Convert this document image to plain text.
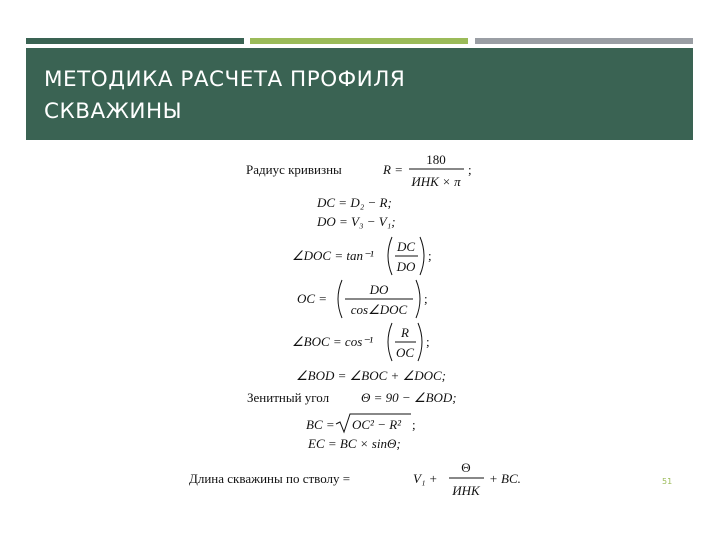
МЕТОДИКА РАСЧЕТА ПРОФИЛЯ
СКВАЖИНЫ
Радиус кривизны	R =
180
ИНК × π
;
DC = D₂ − R;
DO = V₃ − V₁;
∠DOC = tan⁻¹
DC
DO
;
OC =
DO
cos∠DOC
;
∠BOC = cos⁻¹
R
OC
;
∠BOD = ∠BOC + ∠DOC;
Зенитный угол Θ = 90 − ∠BOD;
BC = OC² − R² ;
EC = BC × sinΘ;
Длина скважины по стволу =	V₁ +
Θ
ИНК
+ BC.	51
